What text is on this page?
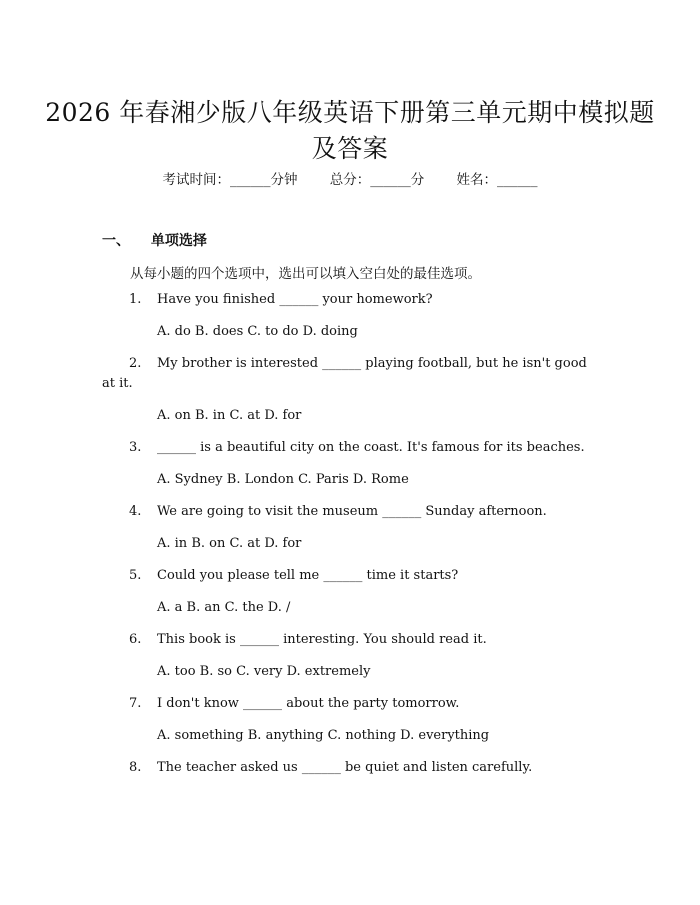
2026 年春湘少版八年级英语下册第三单元期中模拟题及答案
考试时间：______分钟 总分：______分 姓名：______
一、 单项选择
从每小题的四个选项中，选出可以填入空白处的最佳选项。

1. Have you finished ______ your homework?

A. do B. does C. to do D. doing

2. My brother is interested ______ playing football, but he isn't good at it.

A. on B. in C. at D. for

3. ______ is a beautiful city on the coast. It's famous for its beaches.

A. Sydney B. London C. Paris D. Rome

4. We are going to visit the museum ______ Sunday afternoon.

A. in B. on C. at D. for

5. Could you please tell me ______ time it starts?

A. a B. an C. the D. /

6. This book is ______ interesting. You should read it.

A. too B. so C. very D. extremely

7. I don't know ______ about the party tomorrow.

A. something B. anything C. nothing D. everything

8. The teacher asked us ______ be quiet and listen carefully.
